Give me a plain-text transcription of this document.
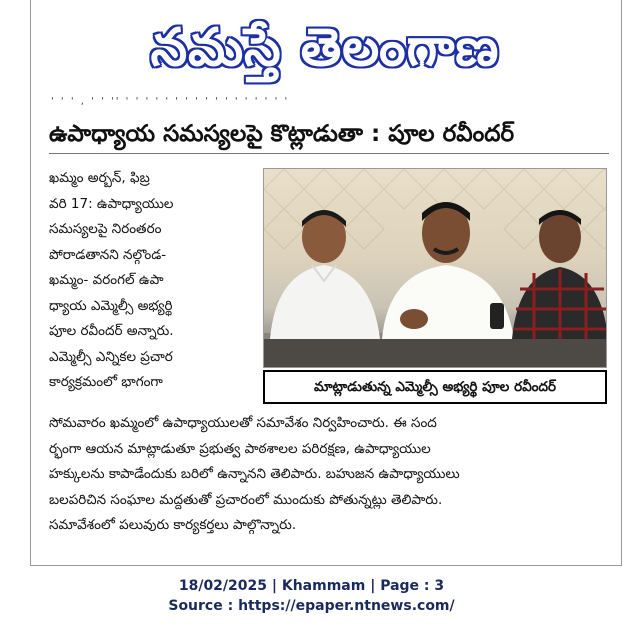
నమస్తే తెలంగాణ
' ' ' , ' ' '' ' ' ' ' ' ' ' ' ' ' ' ' ' ' ' ' '
ఉపాధ్యాయ సమస్యలపై కొట్లాడుతా : పూల రవీందర్
ఖమ్మం అర్బన్, ఫిబ్ర
వరి 17: ఉపాధ్యాయుల
సమస్యలపై నిరంతరం
పోరాడతానని నల్గొండ-
ఖమ్మం- వరంగల్ ఉపా
ధ్యాయ ఎమ్మెల్సీ అభ్యర్థి
పూల రవీందర్ అన్నారు.
ఎమ్మెల్సీ ఎన్నికల ప్రచార
కార్యక్రమంలో భాగంగా	మాట్లాడుతున్న ఎమ్మెల్సీ అభ్యర్థి పూల రవీందర్
సోమవారం ఖమ్మంలో ఉపాధ్యాయులతో సమావేశం నిర్వహించారు. ఈ సంద
ర్భంగా ఆయన మాట్లాడుతూ ప్రభుత్వ పాఠశాలల పరిరక్షణ, ఉపాధ్యాయుల
హక్కులను కాపాడేందుకు బరిలో ఉన్నానని తెలిపారు. బహుజన ఉపాధ్యాయులు
బలపరిచిన సంఘాల మద్దతుతో ప్రచారంలో ముందుకు పోతున్నట్లు తెలిపారు.
సమావేశంలో పలువురు కార్యకర్తలు పాల్గొన్నారు.
18/02/2025 | Khammam | Page : 3
Source : https://epaper.ntnews.com/
